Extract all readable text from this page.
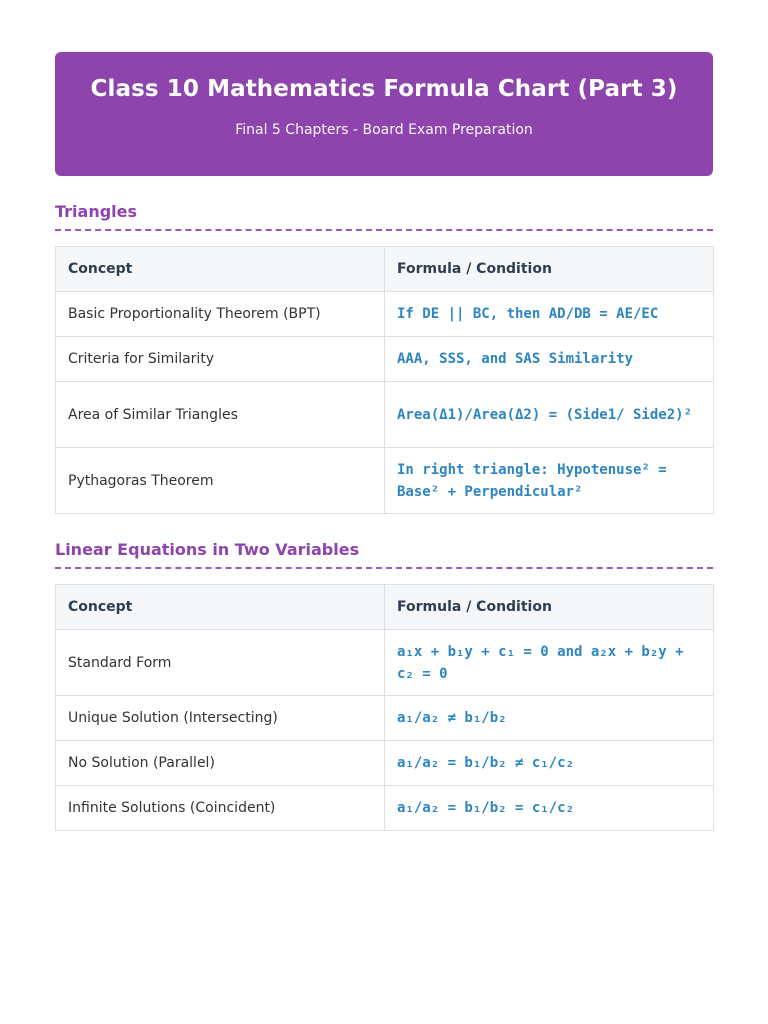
Class 10 Mathematics Formula Chart (Part 3)
Final 5 Chapters - Board Exam Preparation
Triangles
Concept	Formula / Condition
Basic Proportionality Theorem (BPT)	If DE || BC, then AD/DB = AE/EC
Criteria for Similarity	AAA, SSS, and SAS Similarity
Area of Similar Triangles	Area(Δ1)/Area(Δ2) = (Side1/ Side2)²
Pythagoras Theorem	In right triangle: Hypotenuse² = Base² + Perpendicular²
Linear Equations in Two Variables
Concept	Formula / Condition
Standard Form	a₁x + b₁y + c₁ = 0 and a₂x + b₂y + c₂ = 0
Unique Solution (Intersecting)	a₁/a₂ ≠ b₁/b₂
No Solution (Parallel)	a₁/a₂ = b₁/b₂ ≠ c₁/c₂
Infinite Solutions (Coincident)	a₁/a₂ = b₁/b₂ = c₁/c₂
